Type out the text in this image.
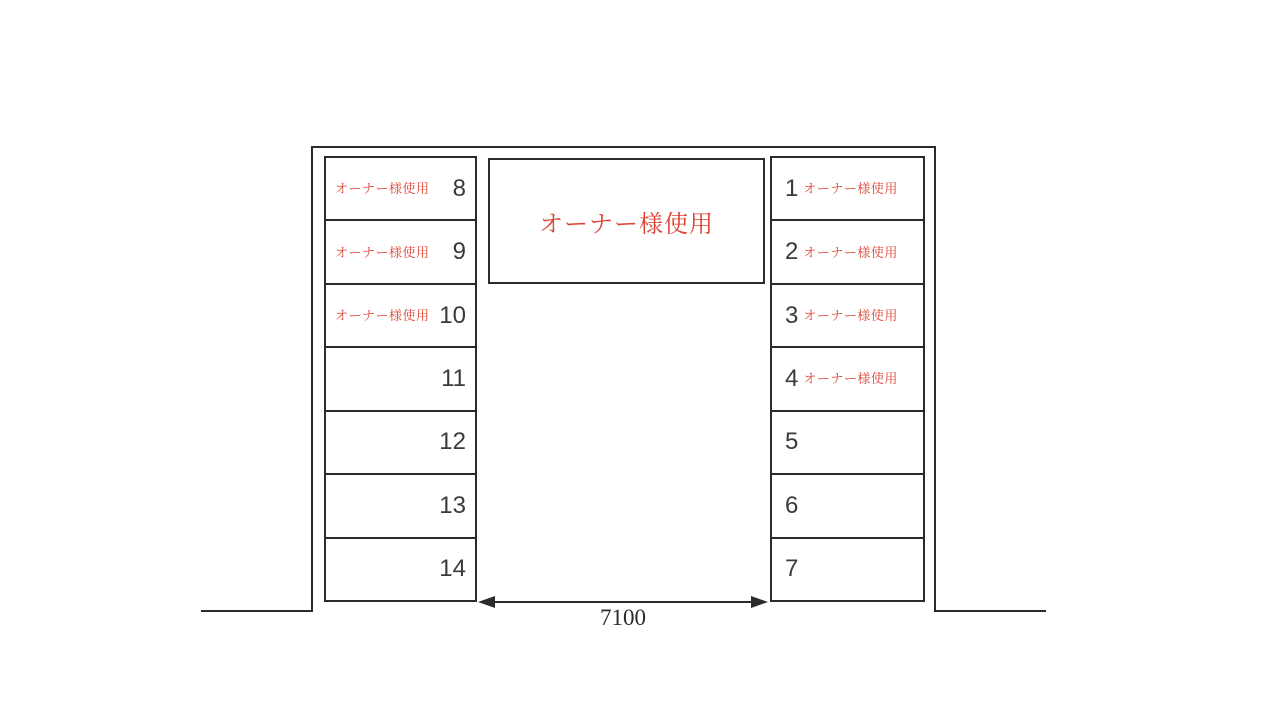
オーナー様使用 8
オーナー様使用 9
オーナー様使用 10
11
12
13
14
1 オーナー様使用
2 オーナー様使用
3 オーナー様使用
4 オーナー様使用
5
6
7
オーナー様使用
7100
